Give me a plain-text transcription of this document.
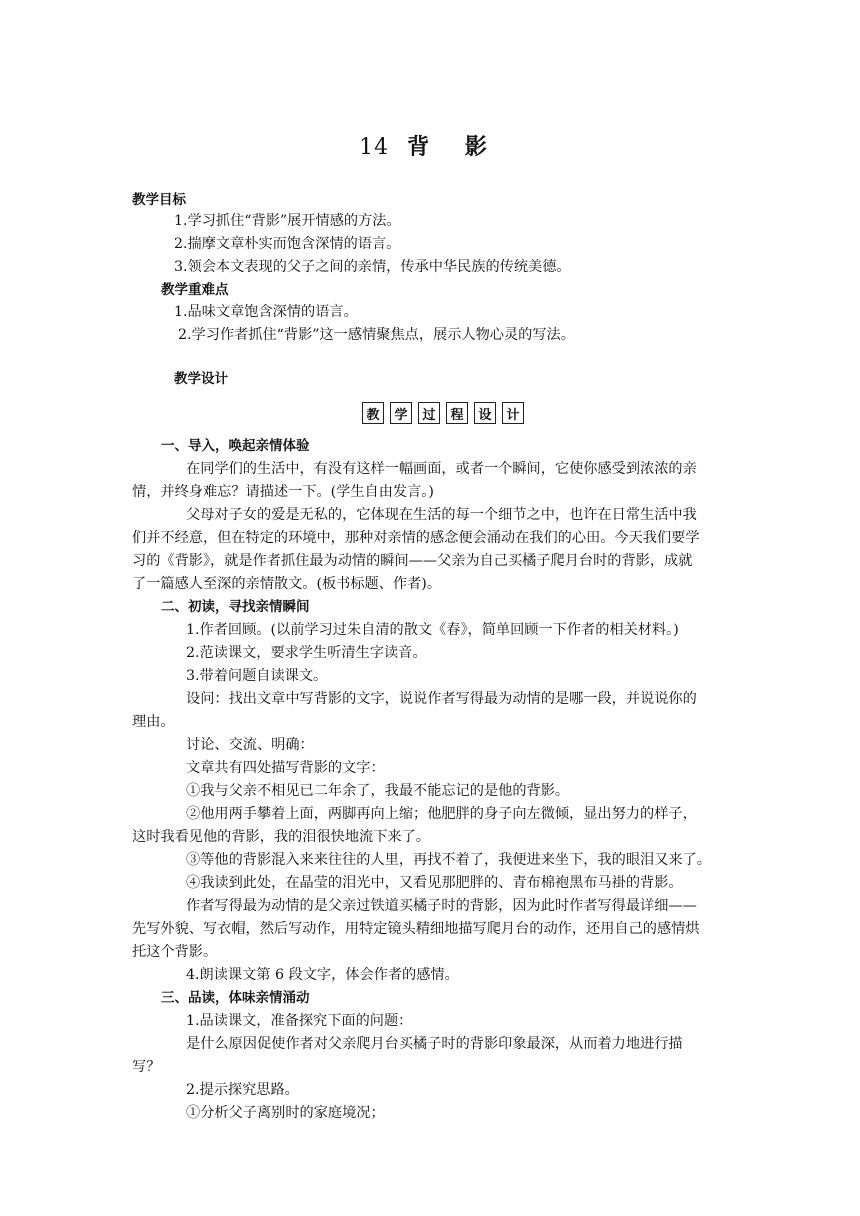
14 背 影
教学目标
1.学习抓住“背影”展开情感的方法。
2.揣摩文章朴实而饱含深情的语言。
3.领会本文表现的父子之间的亲情，传承中华民族的传统美德。
教学重难点
1.品味文章饱含深情的语言。
2.学习作者抓住“背影”这一感情聚焦点，展示人物心灵的写法。
教学设计
教	学	过	程	设	计
一、导入，唤起亲情体验
在同学们的生活中，有没有这样一幅画面，或者一个瞬间，它使你感受到浓浓的亲
情，并终身难忘？请描述一下。(学生自由发言。)
父母对子女的爱是无私的，它体现在生活的每一个细节之中，也许在日常生活中我
们并不经意，但在特定的环境中，那种对亲情的感念便会涌动在我们的心田。今天我们要学
习的《背影》，就是作者抓住最为动情的瞬间——父亲为自己买橘子爬月台时的背影，成就
了一篇感人至深的亲情散文。(板书标题、作者)。
二、初读，寻找亲情瞬间
1.作者回顾。(以前学习过朱自清的散文《春》，简单回顾一下作者的相关材料。)
2.范读课文，要求学生听清生字读音。
3.带着问题自读课文。
设问：找出文章中写背影的文字，说说作者写得最为动情的是哪一段，并说说你的
理由。
讨论、交流、明确：
文章共有四处描写背影的文字：
①我与父亲不相见已二年余了，我最不能忘记的是他的背影。
②他用两手攀着上面，两脚再向上缩；他肥胖的身子向左微倾，显出努力的样子，
这时我看见他的背影，我的泪很快地流下来了。
③等他的背影混入来来往往的人里，再找不着了，我便进来坐下，我的眼泪又来了。
④我读到此处，在晶莹的泪光中，又看见那肥胖的、青布棉袍黑布马褂的背影。
作者写得最为动情的是父亲过铁道买橘子时的背影，因为此时作者写得最详细——
先写外貌、写衣帽，然后写动作，用特定镜头精细地描写爬月台的动作，还用自己的感情烘
托这个背影。
4.朗读课文第 6 段文字，体会作者的感情。
三、品读，体味亲情涌动
1.品读课文，准备探究下面的问题：
是什么原因促使作者对父亲爬月台买橘子时的背影印象最深，从而着力地进行描
写？
2.提示探究思路。
①分析父子离别时的家庭境况；
